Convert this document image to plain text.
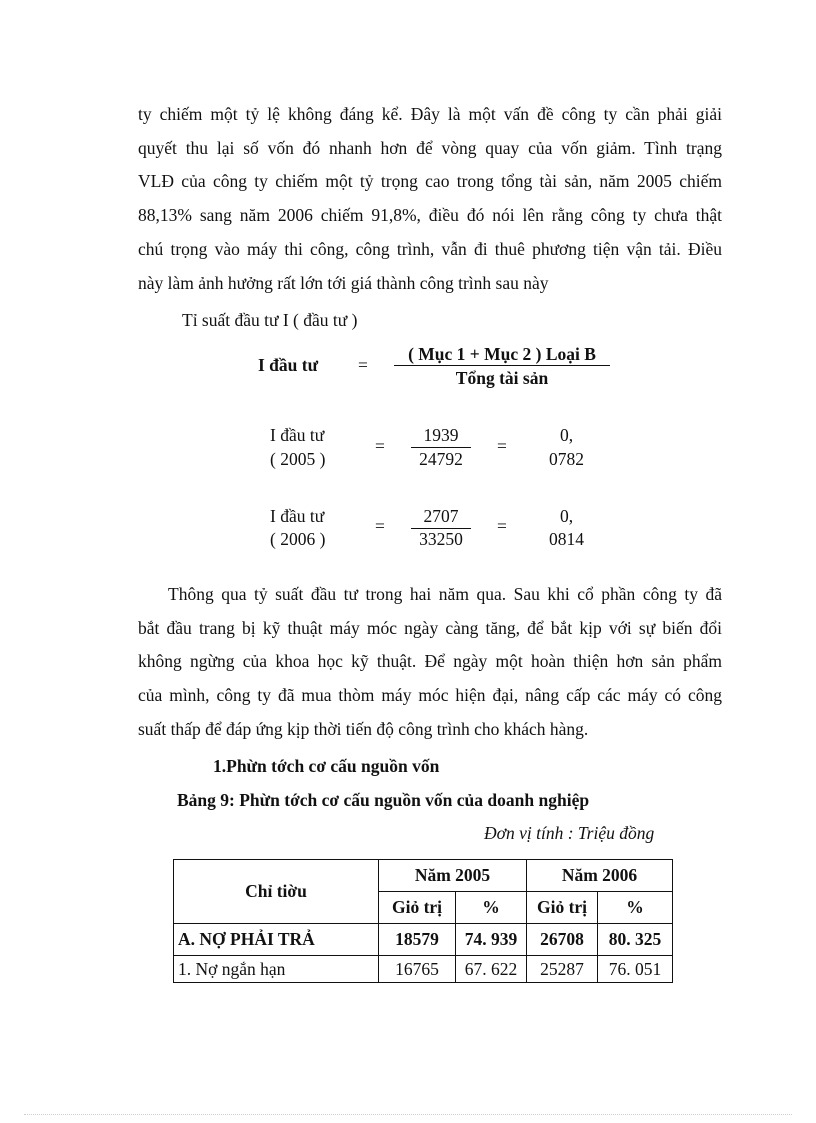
ty chiếm một tỷ lệ không đáng kể. Đây là một vấn đề công ty cần phải giải
quyết thu lại số vốn đó nhanh hơn để vòng quay của vốn giảm. Tình trạng
VLĐ của công ty chiếm một tỷ trọng cao trong tổng tài sản, năm 2005 chiếm
88,13% sang năm 2006 chiếm 91,8%, điều đó nói lên rằng công ty chưa thật
chú trọng vào máy thi công, công trình, vẫn đi thuê phương tiện vận tải. Điều
này làm ảnh hưởng rất lớn tới giá thành công trình sau này
Tỉ suất đầu tư I ( đầu tư )
I đầu tư =
( Mục 1 + Mục 2 ) Loại B
Tổng tài sản
I đầu tư
( 2005 )
=
1939
24792
=
0,
0782
I đầu tư
( 2006 )
=	2707
33250
=	0,
0814
Thông qua tỷ suất đầu tư trong hai năm qua. Sau khi cổ phần công ty đã
bắt đầu trang bị kỹ thuật máy móc ngày càng tăng, để bắt kịp với sự biến đổi
không ngừng của khoa học kỹ thuật. Để ngày một hoàn thiện hơn sản phẩm
của mình, công ty đã mua thòm máy móc hiện đại, nâng cấp các máy có công
suất thấp để đáp ứng kịp thời tiến độ công trình cho khách hàng.
1.Phừn tớch cơ cấu nguồn vốn
Bảng 9: Phừn tớch cơ cấu nguồn vốn của doanh nghiệp
Đơn vị tính : Triệu đồng
Chỉ tiờu	Năm 2005		Năm 2006	
	Giỏ trị	%	Giỏ trị	%
A. NỢ PHẢI TRẢ	18579	74. 939	26708	80. 325
1. Nợ ngắn hạn	16765	67. 622	25287	76. 051
